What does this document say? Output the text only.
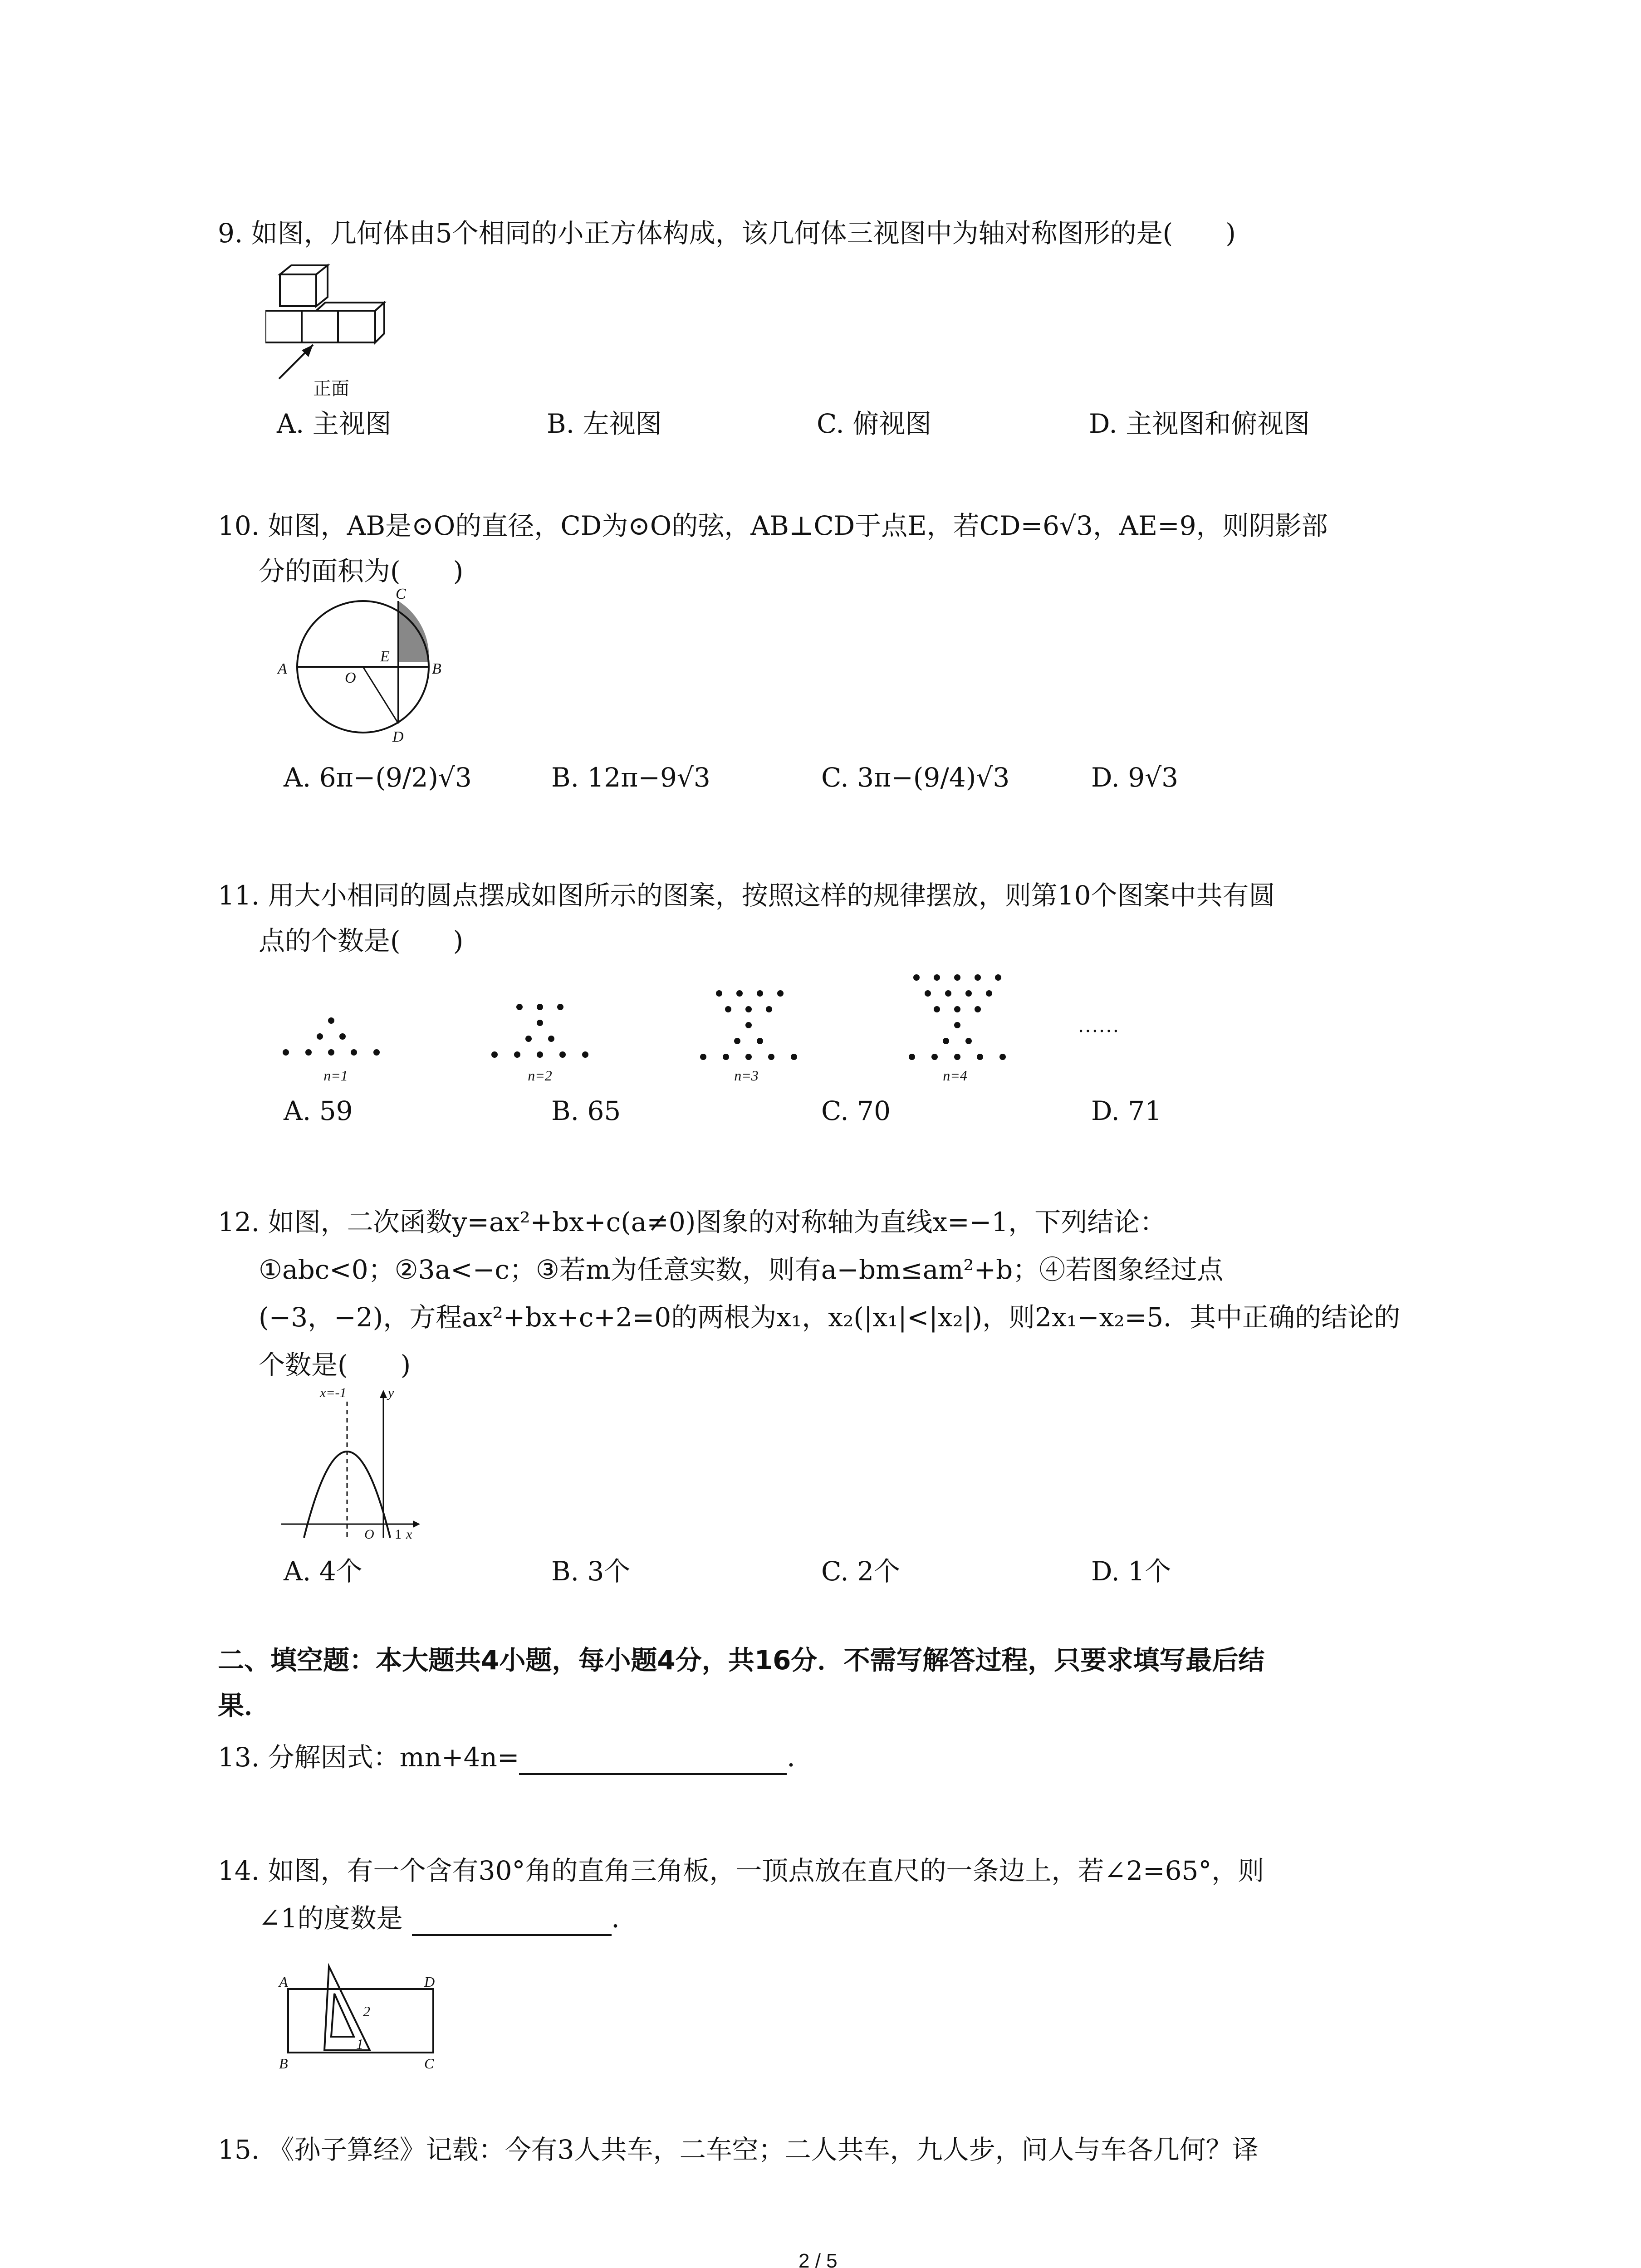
9. 如图，几何体由5个相同的小正方体构成，该几何体三视图中为轴对称图形的是(　　)
正面
A. 主视图	B. 左视图	C. 俯视图	D. 主视图和俯视图
10. 如图，AB是⊙O的直径，CD为⊙O的弦，AB⊥CD于点E，若CD=6√3，AE=9，则阴影部
分的面积为(　　)
C
E
A
O
B
D
A. 6π−(9/2)√3	B. 12π−9√3	C. 3π−(9/4)√3	D. 9√3
11. 用大小相同的圆点摆成如图所示的图案，按照这样的规律摆放，则第10个图案中共有圆
点的个数是(　　)
n=1	n=2	n=3	n=4
……
A. 59	B. 65	C. 70	D. 71
12. 如图，二次函数y=ax²+bx+c(a≠0)图象的对称轴为直线x=−1，下列结论：
①abc<0；②3a<−c；③若m为任意实数，则有a−bm≤am²+b；④若图象经过点
(−3，−2)，方程ax²+bx+c+2=0的两根为x₁，x₂(|x₁|<|x₂|)，则2x₁−x₂=5．其中正确的结论的
个数是(　　)
x=-1	y
O 1 x
A. 4个	B. 3个	C. 2个	D. 1个
二、填空题：本大题共4小题，每小题4分，共16分．不需写解答过程，只要求填写最后结
果．
13. 分解因式：mn+4n=	．
14. 如图，有一个含有30°角的直角三角板，一顶点放在直尺的一条边上，若∠2=65°，则
∠1的度数是	．
A	D
2
1
B	C
15. 《孙子算经》记载：今有3人共车，二车空；二人共车，九人步，问人与车各几何？译
2 / 5
